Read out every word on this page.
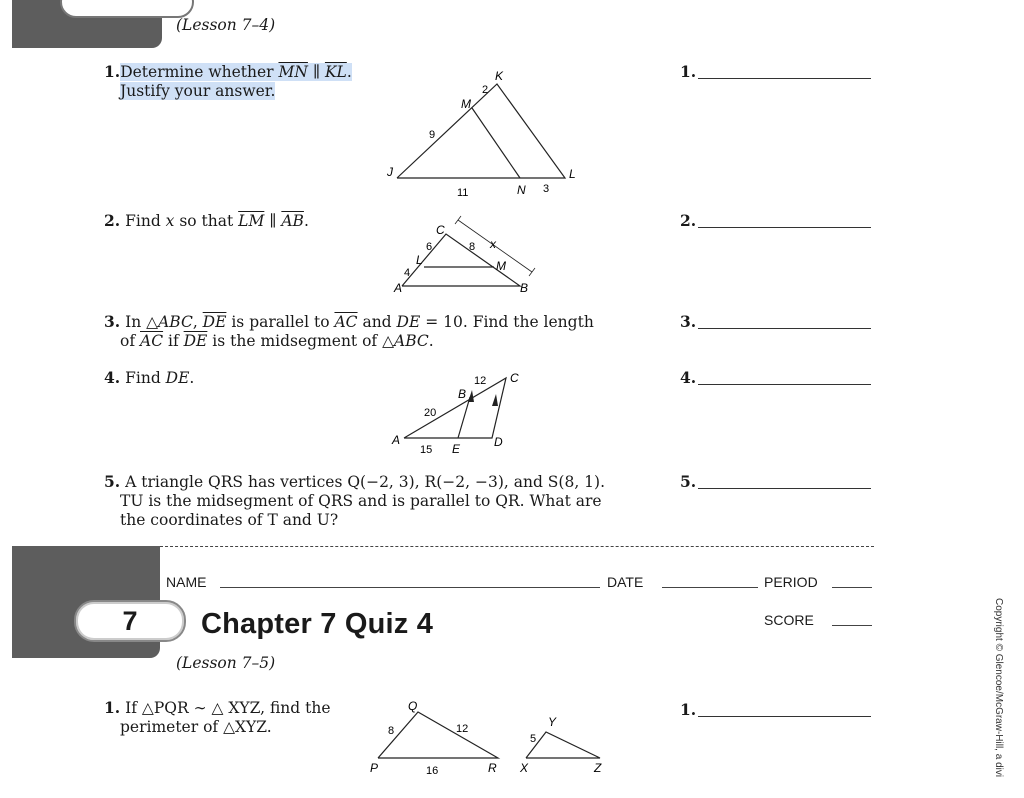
(Lesson 7–4)
1.Determine whether $\overline{MN}$ ∥ $\overline{KL}$.
Justify your answer.
K
M
J
N
L
2
9
11	3
2. Find x so that $\overline{LM}$ ∥ $\overline{AB}$.	C
L	M
A	B
6	8
4
x
3. In △ABC, $\overline{DE}$ is parallel to $\overline{AC}$ and DE = 10. Find the length
of $\overline{AC}$ if $\overline{DE}$ is the midsegment of △ABC.
4. Find DE.
A
B
C
D
E
20
12
15
5. A triangle QRS has vertices Q(−2, 3), R(−2, −3), and S(8, 1).
TU is the midsegment of QRS and is parallel to QR. What are
the coordinates of T and U?
1.
2.
3.
4.
5.
7
NAME	DATE	PERIOD
Chapter 7 Quiz 4	SCORE
(Lesson 7–5)
1. If △PQR ∼ △ XYZ, find the
perimeter of △XYZ.
P
Q
R X
Y
Z
8	12
16
5
1.	Copyright © Glencoe/McGraw-Hill, a divi
